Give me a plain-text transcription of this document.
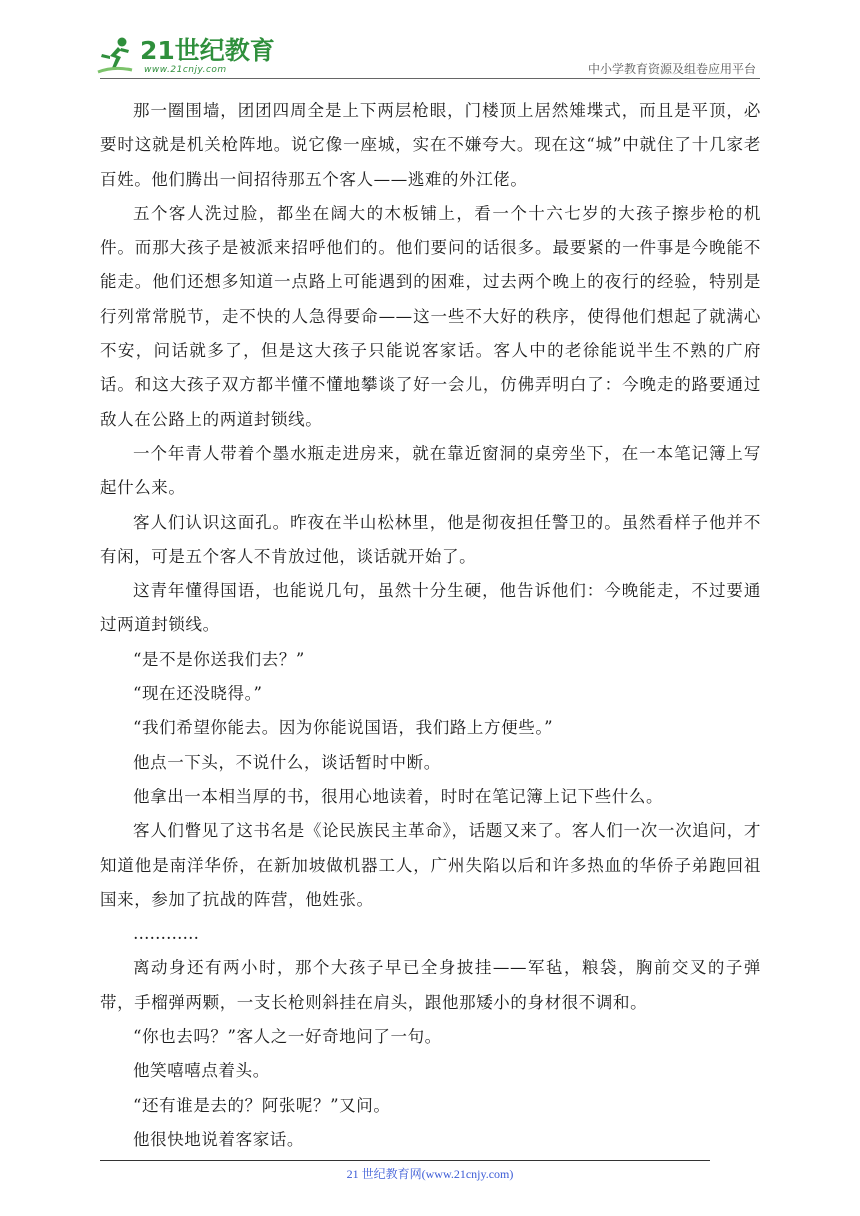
21世纪教育
www.21cnjy.com	中小学教育资源及组卷应用平台

那一圈围墙，团团四周全是上下两层枪眼，门楼顶上居然雉堞式，而且是平顶，必要时这就是机关枪阵地。说它像一座城，实在不嫌夸大。现在这“城”中就住了十几家老百姓。他们腾出一间招待那五个客人——逃难的外江佬。

五个客人洗过脸，都坐在阔大的木板铺上，看一个十六七岁的大孩子擦步枪的机件。而那大孩子是被派来招呼他们的。他们要问的话很多。最要紧的一件事是今晚能不能走。他们还想多知道一点路上可能遇到的困难，过去两个晚上的夜行的经验，特别是行列常常脱节，走不快的人急得要命——这一些不大好的秩序，使得他们想起了就满心不安，问话就多了，但是这大孩子只能说客家话。客人中的老徐能说半生不熟的广府话。和这大孩子双方都半懂不懂地攀谈了好一会儿，仿佛弄明白了：今晚走的路要通过敌人在公路上的两道封锁线。

一个年青人带着个墨水瓶走进房来，就在靠近窗洞的桌旁坐下，在一本笔记簿上写起什么来。

客人们认识这面孔。昨夜在半山松林里，他是彻夜担任警卫的。虽然看样子他并不有闲，可是五个客人不肯放过他，谈话就开始了。

这青年懂得国语，也能说几句，虽然十分生硬，他告诉他们：今晚能走，不过要通过两道封锁线。

“是不是你送我们去？”

“现在还没晓得。”

“我们希望你能去。因为你能说国语，我们路上方便些。”

他点一下头，不说什么，谈话暂时中断。

他拿出一本相当厚的书，很用心地读着，时时在笔记簿上记下些什么。

客人们瞥见了这书名是《论民族民主革命》，话题又来了。客人们一次一次追问，才知道他是南洋华侨，在新加坡做机器工人，广州失陷以后和许多热血的华侨子弟跑回祖国来，参加了抗战的阵营，他姓张。

…………

离动身还有两小时，那个大孩子早已全身披挂——军毡，粮袋，胸前交叉的子弹带，手榴弹两颗，一支长枪则斜挂在肩头，跟他那矮小的身材很不调和。

“你也去吗？”客人之一好奇地问了一句。

他笑嘻嘻点着头。

“还有谁是去的？阿张呢？”又问。

他很快地说着客家话。

21 世纪教育网(www.21cnjy.com)
